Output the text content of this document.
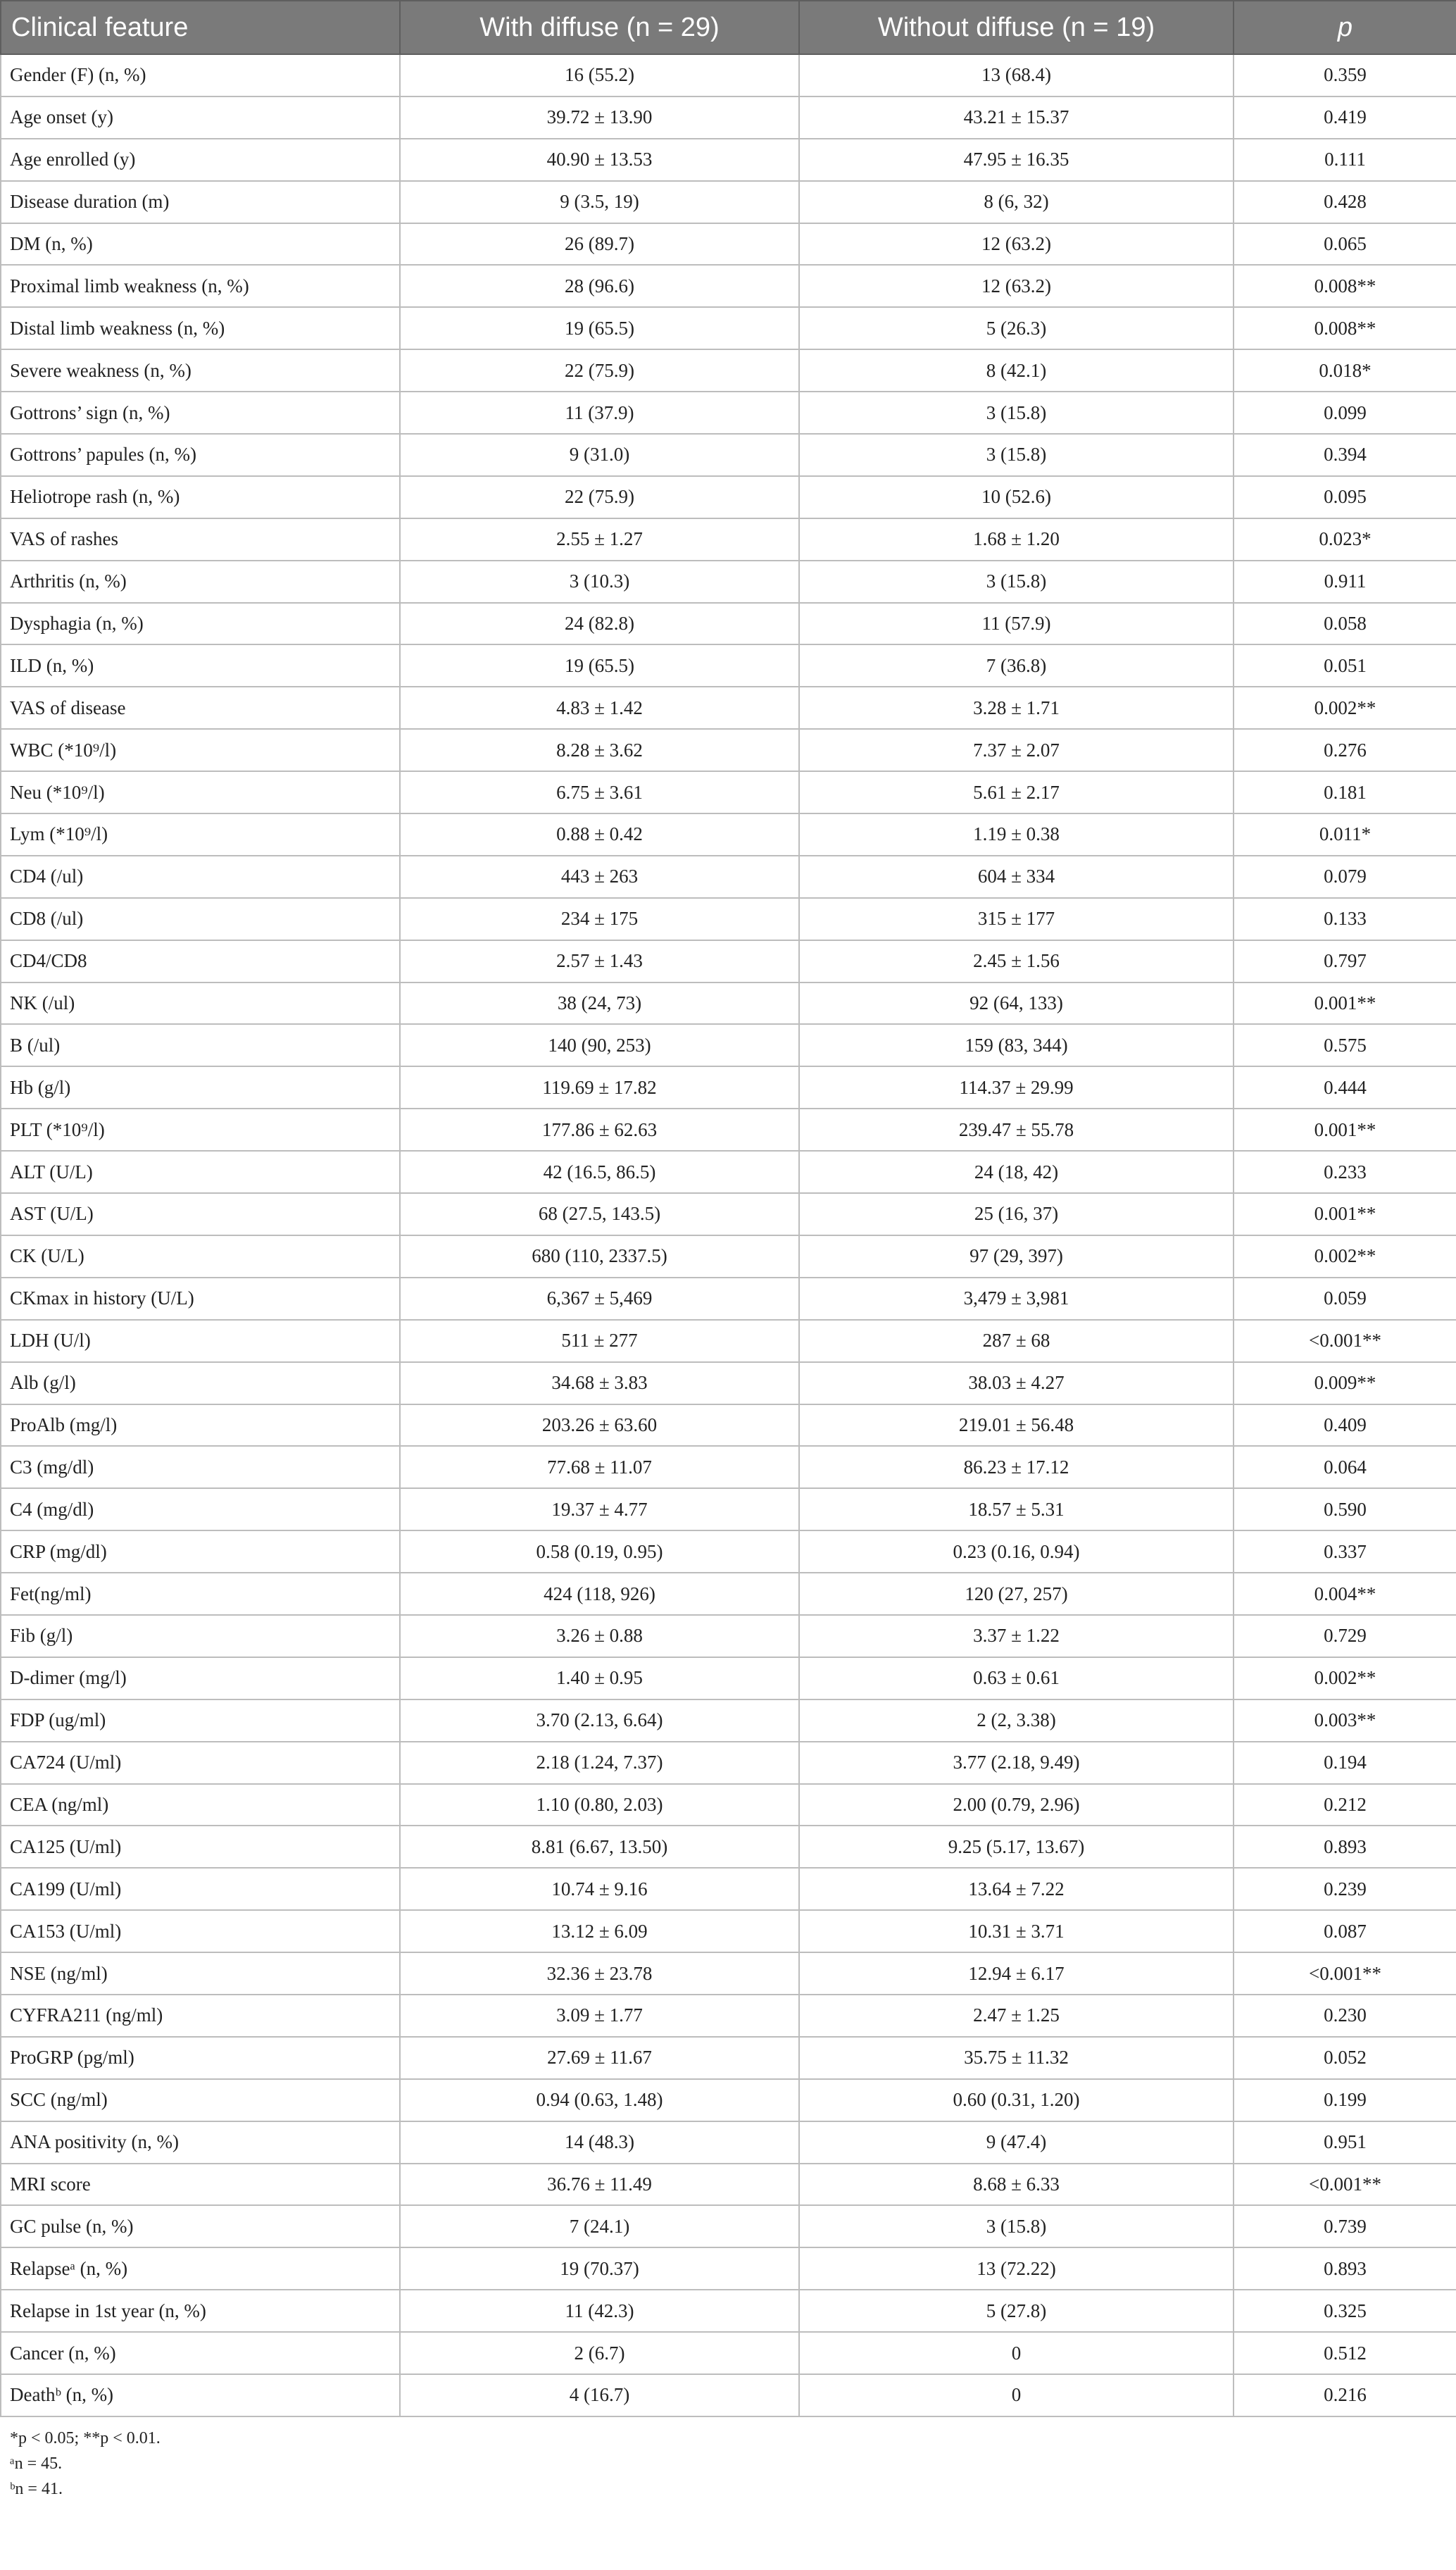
Clinical feature	With diffuse (n = 29)	Without diffuse (n = 19)	p
Gender (F) (n, %)	16 (55.2)	13 (68.4)	0.359
Age onset (y)	39.72 ± 13.90	43.21 ± 15.37	0.419
Age enrolled (y)	40.90 ± 13.53	47.95 ± 16.35	0.111
Disease duration (m)	9 (3.5, 19)	8 (6, 32)	0.428
DM (n, %)	26 (89.7)	12 (63.2)	0.065
Proximal limb weakness (n, %)	28 (96.6)	12 (63.2)	0.008**
Distal limb weakness (n, %)	19 (65.5)	5 (26.3)	0.008**
Severe weakness (n, %)	22 (75.9)	8 (42.1)	0.018*
Gottrons’ sign (n, %)	11 (37.9)	3 (15.8)	0.099
Gottrons’ papules (n, %)	9 (31.0)	3 (15.8)	0.394
Heliotrope rash (n, %)	22 (75.9)	10 (52.6)	0.095
VAS of rashes	2.55 ± 1.27	1.68 ± 1.20	0.023*
Arthritis (n, %)	3 (10.3)	3 (15.8)	0.911
Dysphagia (n, %)	24 (82.8)	11 (57.9)	0.058
ILD (n, %)	19 (65.5)	7 (36.8)	0.051
VAS of disease	4.83 ± 1.42	3.28 ± 1.71	0.002**
WBC (*10⁹/l)	8.28 ± 3.62	7.37 ± 2.07	0.276
Neu (*10⁹/l)	6.75 ± 3.61	5.61 ± 2.17	0.181
Lym (*10⁹/l)	0.88 ± 0.42	1.19 ± 0.38	0.011*
CD4 (/ul)	443 ± 263	604 ± 334	0.079
CD8 (/ul)	234 ± 175	315 ± 177	0.133
CD4/CD8	2.57 ± 1.43	2.45 ± 1.56	0.797
NK (/ul)	38 (24, 73)	92 (64, 133)	0.001**
B (/ul)	140 (90, 253)	159 (83, 344)	0.575
Hb (g/l)	119.69 ± 17.82	114.37 ± 29.99	0.444
PLT (*10⁹/l)	177.86 ± 62.63	239.47 ± 55.78	0.001**
ALT (U/L)	42 (16.5, 86.5)	24 (18, 42)	0.233
AST (U/L)	68 (27.5, 143.5)	25 (16, 37)	0.001**
CK (U/L)	680 (110, 2337.5)	97 (29, 397)	0.002**
CKmax in history (U/L)	6,367 ± 5,469	3,479 ± 3,981	0.059
LDH (U/l)	511 ± 277	287 ± 68	<0.001**
Alb (g/l)	34.68 ± 3.83	38.03 ± 4.27	0.009**
ProAlb (mg/l)	203.26 ± 63.60	219.01 ± 56.48	0.409
C3 (mg/dl)	77.68 ± 11.07	86.23 ± 17.12	0.064
C4 (mg/dl)	19.37 ± 4.77	18.57 ± 5.31	0.590
CRP (mg/dl)	0.58 (0.19, 0.95)	0.23 (0.16, 0.94)	0.337
Fet(ng/ml)	424 (118, 926)	120 (27, 257)	0.004**
Fib (g/l)	3.26 ± 0.88	3.37 ± 1.22	0.729
D-dimer (mg/l)	1.40 ± 0.95	0.63 ± 0.61	0.002**
FDP (ug/ml)	3.70 (2.13, 6.64)	2 (2, 3.38)	0.003**
CA724 (U/ml)	2.18 (1.24, 7.37)	3.77 (2.18, 9.49)	0.194
CEA (ng/ml)	1.10 (0.80, 2.03)	2.00 (0.79, 2.96)	0.212
CA125 (U/ml)	8.81 (6.67, 13.50)	9.25 (5.17, 13.67)	0.893
CA199 (U/ml)	10.74 ± 9.16	13.64 ± 7.22	0.239
CA153 (U/ml)	13.12 ± 6.09	10.31 ± 3.71	0.087
NSE (ng/ml)	32.36 ± 23.78	12.94 ± 6.17	<0.001**
CYFRA211 (ng/ml)	3.09 ± 1.77	2.47 ± 1.25	0.230
ProGRP (pg/ml)	27.69 ± 11.67	35.75 ± 11.32	0.052
SCC (ng/ml)	0.94 (0.63, 1.48)	0.60 (0.31, 1.20)	0.199
ANA positivity (n, %)	14 (48.3)	9 (47.4)	0.951
MRI score	36.76 ± 11.49	8.68 ± 6.33	<0.001**
GC pulse (n, %)	7 (24.1)	3 (15.8)	0.739
Relapseᵃ (n, %)	19 (70.37)	13 (72.22)	0.893
Relapse in 1st year (n, %)	11 (42.3)	5 (27.8)	0.325
Cancer (n, %)	2 (6.7)	0	0.512
Deathᵇ (n, %)	4 (16.7)	0	0.216
*p < 0.05; **p < 0.01.
ᵃn = 45.
ᵇn = 41.
